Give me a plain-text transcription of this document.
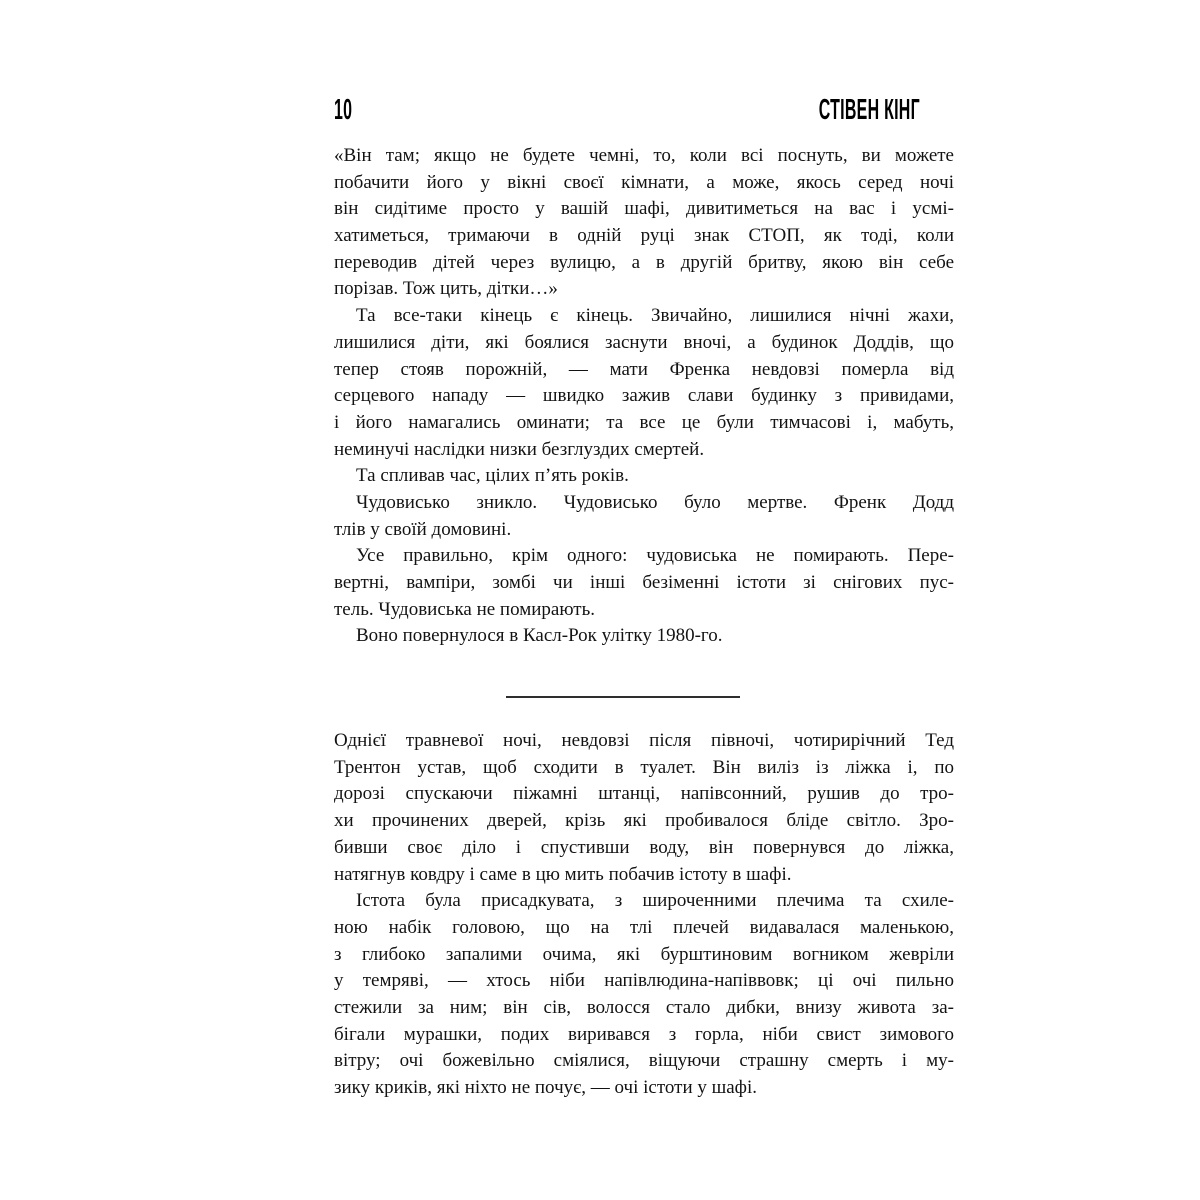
10	СТІВЕН КІНГ
«Він там; якщо не будете чемні, то, коли всі поснуть, ви можете
побачити його у вікні своєї кімнати, а може, якось серед ночі
він сидітиме просто у вашій шафі, дивитиметься на вас і усмі-
хатиметься, тримаючи в одній руці знак СТОП, як тоді, коли
переводив дітей через вулицю, а в другій бритву, якою він себе
порізав. Тож цить, дітки…»
Та все-таки кінець є кінець. Звичайно, лишилися нічні жахи,
лишилися діти, які боялися заснути вночі, а будинок Доддів, що
тепер стояв порожній, — мати Френка невдовзі померла від
серцевого нападу — швидко зажив слави будинку з привидами,
і його намагались оминати; та все це були тимчасові і, мабуть,
неминучі наслідки низки безглуздих смертей.
Та спливав час, цілих п’ять років.
Чудовисько зникло. Чудовисько було мертве. Френк Додд
тлів у своїй домовині.
Усе правильно, крім одного: чудовиська не помирають. Пере-
вертні, вампіри, зомбі чи інші безіменні істоти зі снігових пус-
тель. Чудовиська не помирають.
Воно повернулося в Касл-Рок улітку 1980-го.
Однієї травневої ночі, невдовзі після півночі, чотирирічний Тед
Трентон устав, щоб сходити в туалет. Він виліз із ліжка і, по
дорозі спускаючи піжамні штанці, напівсонний, рушив до тро-
хи прочинених дверей, крізь які пробивалося бліде світло. Зро-
бивши своє діло і спустивши воду, він повернувся до ліжка,
натягнув ковдру і саме в цю мить побачив істоту в шафі.
Істота була присадкувата, з широченними плечима та схиле-
ною набік головою, що на тлі плечей видавалася маленькою,
з глибоко запалими очима, які бурштиновим вогником жевріли
у темряві, — хтось ніби напівлюдина-напіввовк; ці очі пильно
стежили за ним; він сів, волосся стало дибки, внизу живота за-
бігали мурашки, подих виривався з горла, ніби свист зимового
вітру; очі божевільно сміялися, віщуючи страшну смерть і му-
зику криків, які ніхто не почує, — очі істоти у шафі.
